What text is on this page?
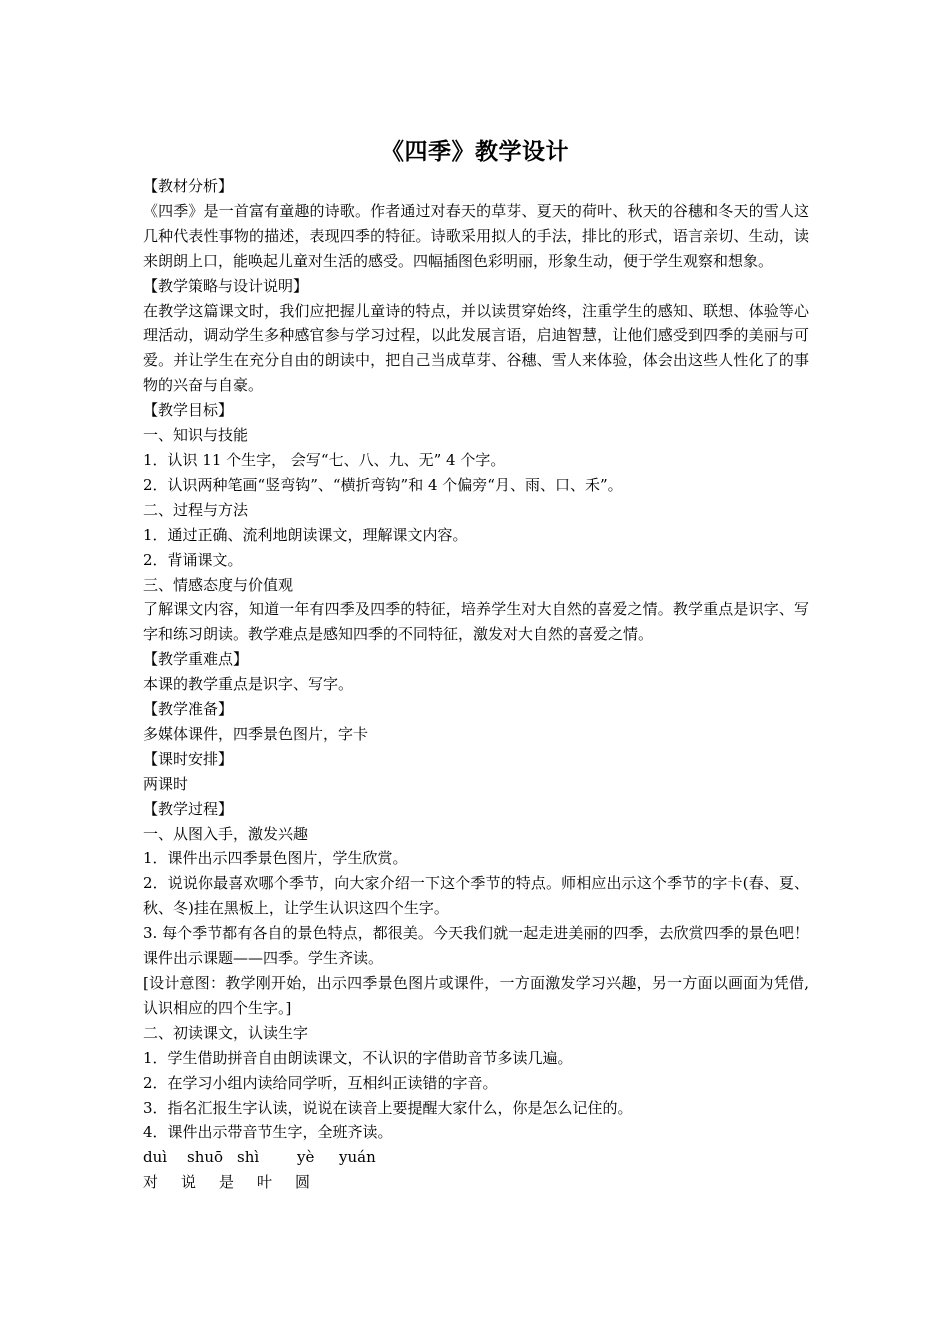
《四季》教学设计

【教材分析】

《四季》是一首富有童趣的诗歌。作者通过对春天的草芽、夏天的荷叶、秋天的谷穗和冬天的雪人这几种代表性事物的描述，表现四季的特征。诗歌采用拟人的手法，排比的形式，语言亲切、生动，读来朗朗上口，能唤起儿童对生活的感受。四幅插图色彩明丽，形象生动，便于学生观察和想象。

【教学策略与设计说明】

在教学这篇课文时，我们应把握儿童诗的特点，并以读贯穿始终，注重学生的感知、联想、体验等心理活动，调动学生多种感官参与学习过程，以此发展言语，启迪智慧，让他们感受到四季的美丽与可爱。并让学生在充分自由的朗读中，把自己当成草芽、谷穗、雪人来体验，体会出这些人性化了的事物的兴奋与自豪。

【教学目标】

一、知识与技能

1．认识 11 个生字， 会写“七、八、九、无” 4 个字。

2．认识两种笔画“竖弯钩”、“横折弯钩”和 4 个偏旁“月、雨、口、禾”。

二、过程与方法

1．通过正确、流利地朗读课文，理解课文内容。

2．背诵课文。

三、情感态度与价值观

了解课文内容，知道一年有四季及四季的特征，培养学生对大自然的喜爱之情。教学重点是识字、写字和练习朗读。教学难点是感知四季的不同特征，激发对大自然的喜爱之情。

【教学重难点】

本课的教学重点是识字、写字。

【教学准备】

多媒体课件，四季景色图片，字卡

【课时安排】

两课时

【教学过程】

一、从图入手，激发兴趣

1．课件出示四季景色图片，学生欣赏。

2．说说你最喜欢哪个季节，向大家介绍一下这个季节的特点。师相应出示这个季节的字卡(春、夏、秋、冬)挂在黑板上，让学生认识这四个生字。

3. 每个季节都有各自的景色特点，都很美。今天我们就一起走进美丽的四季，去欣赏四季的景色吧！课件出示课题——四季。学生齐读。

[设计意图：教学刚开始，出示四季景色图片或课件，一方面激发学习兴趣，另一方面以画面为凭借,认识相应的四个生字。]

二、初读课文，认读生字

1．学生借助拼音自由朗读课文，不认识的字借助音节多读几遍。

2．在学习小组内读给同学听，互相纠正读错的字音。

3．指名汇报生字认读，说说在读音上要提醒大家什么，你是怎么记住的。

4．课件出示带音节生字，全班齐读。

duì	shuō shì	yè	yuán
对	说	是	叶	圆
